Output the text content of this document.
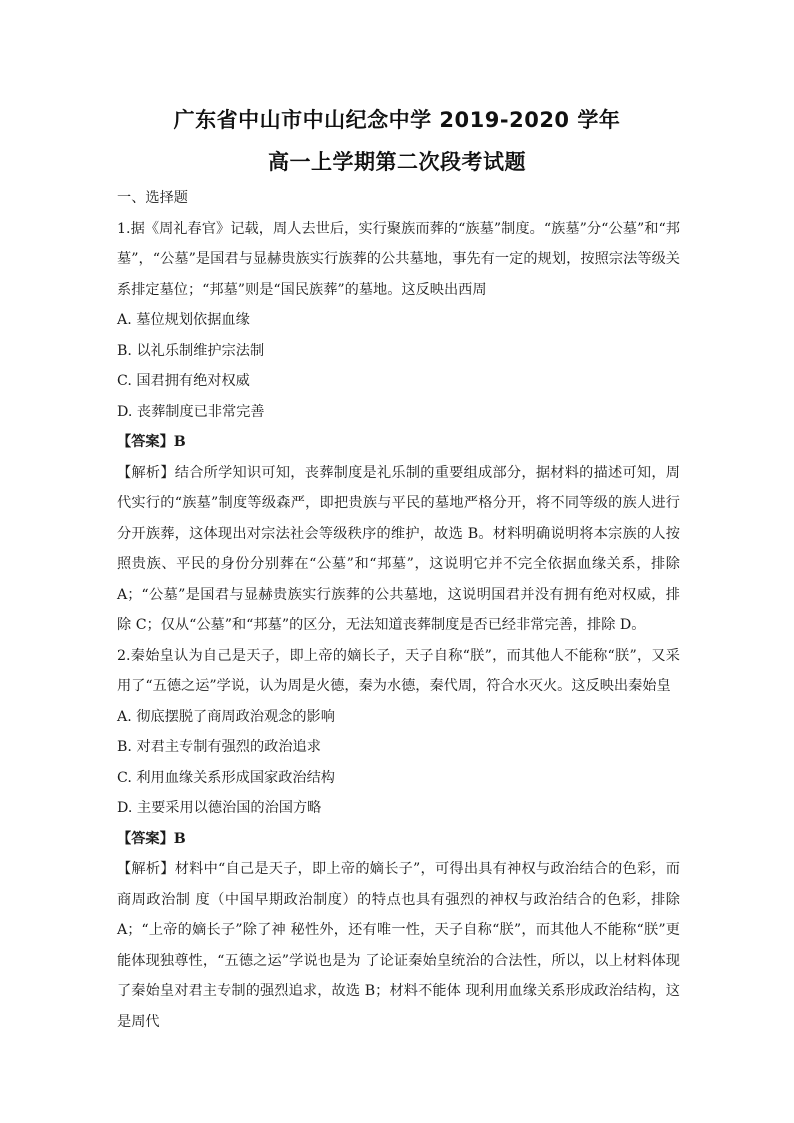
广东省中山市中山纪念中学 2019-2020 学年
高一上学期第二次段考试题
一、选择题
1.据《周礼春官》记载，周人去世后，实行聚族而葬的“族墓”制度。“族墓”分“公墓”和“邦墓”，“公墓”是国君与显赫贵族实行族葬的公共墓地，事先有一定的规划，按照宗法等级关系排定墓位；“邦墓”则是“国民族葬”的墓地。这反映出西周
A. 墓位规划依据血缘
B. 以礼乐制维护宗法制
C. 国君拥有绝对权威
D. 丧葬制度已非常完善
【答案】B
【解析】结合所学知识可知，丧葬制度是礼乐制的重要组成部分，据材料的描述可知，周代实行的“族墓”制度等级森严，即把贵族与平民的墓地严格分开，将不同等级的族人进行分开族葬，这体现出对宗法社会等级秩序的维护，故选 B。材料明确说明将本宗族的人按照贵族、平民的身份分别葬在“公墓”和“邦墓”，这说明它并不完全依据血缘关系，排除 A；“公墓”是国君与显赫贵族实行族葬的公共墓地，这说明国君并没有拥有绝对权威，排除 C；仅从“公墓”和“邦墓”的区分，无法知道丧葬制度是否已经非常完善，排除 D。
2.秦始皇认为自己是天子，即上帝的嫡长子，天子自称“朕”，而其他人不能称“朕”，又采用了“五德之运”学说，认为周是火德，秦为水德，秦代周，符合水灭火。这反映出秦始皇
A. 彻底摆脱了商周政治观念的影响
B. 对君主专制有强烈的政治追求
C. 利用血缘关系形成国家政治结构
D. 主要采用以德治国的治国方略
【答案】B
【解析】材料中“自己是天子，即上帝的嫡长子”，可得出具有神权与政治结合的色彩，而商周政治制 度（中国早期政治制度）的特点也具有强烈的神权与政治结合的色彩，排除 A；“上帝的嫡长子”除了神 秘性外，还有唯一性，天子自称“朕”，而其他人不能称“朕”更能体现独尊性，“五德之运”学说也是为 了论证秦始皇统治的合法性，所以，以上材料体现了秦始皇对君主专制的强烈追求，故选 B；材料不能体 现利用血缘关系形成政治结构，这是周代
